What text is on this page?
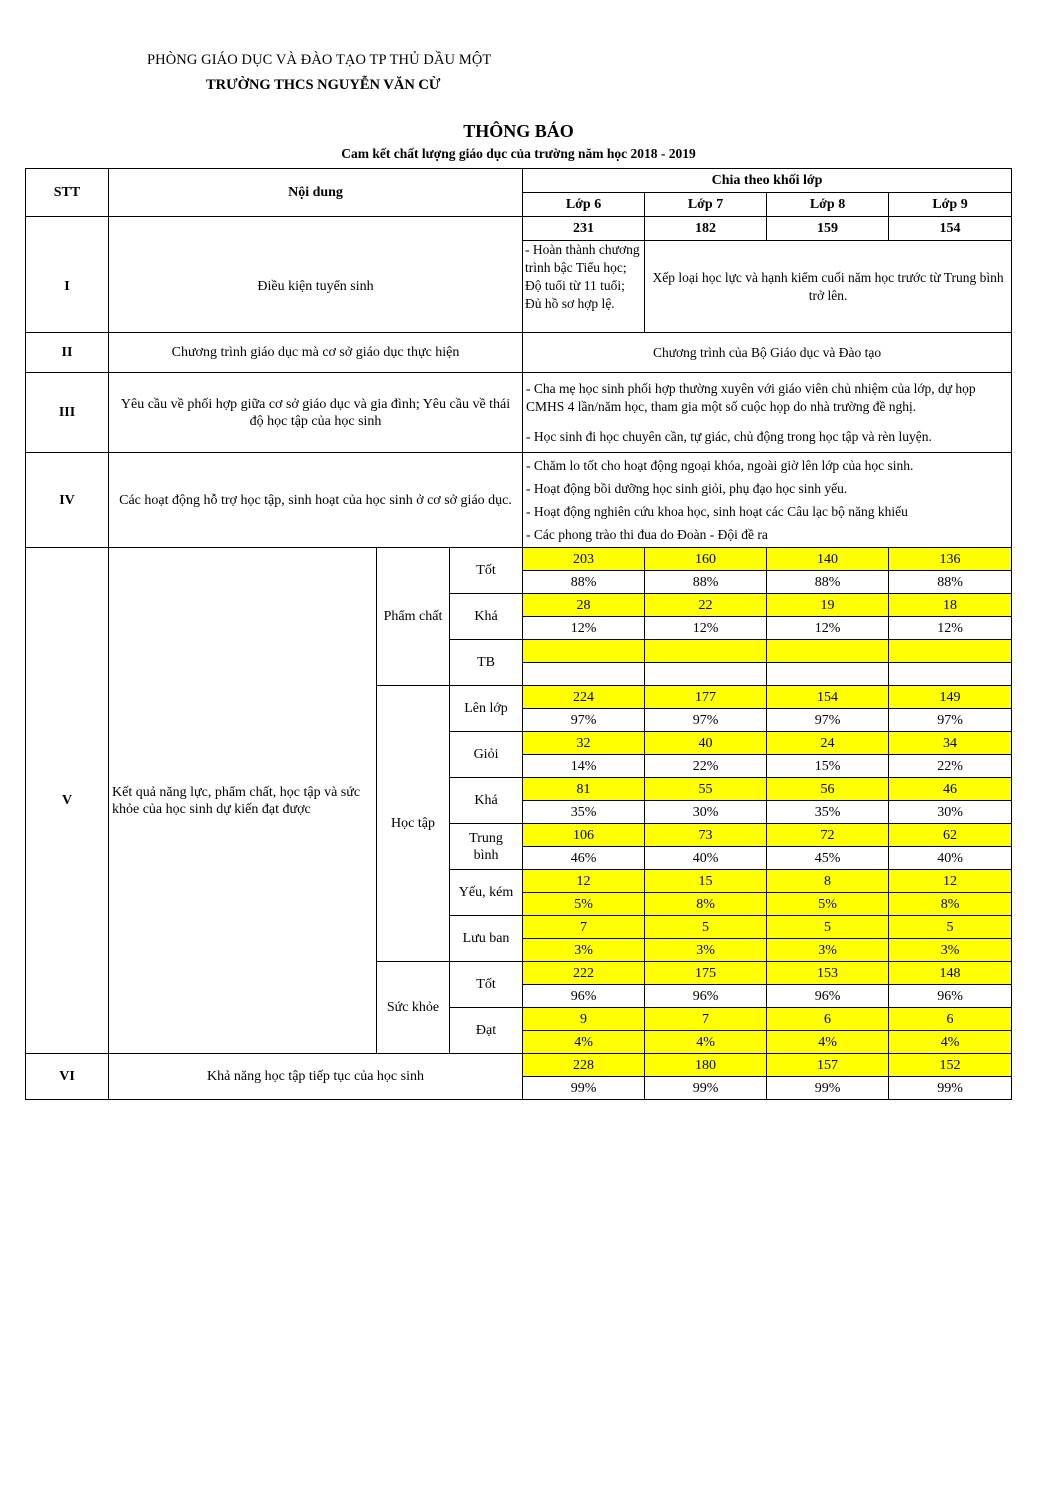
PHÒNG GIÁO DỤC VÀ ĐÀO TẠO TP THỦ DẦU MỘT
TRƯỜNG THCS NGUYỄN VĂN CỪ
THÔNG BÁO
Cam kết chất lượng giáo dục của trường năm học 2018 - 2019
STT	Nội dung			Chia theo khối lớp			
				Lớp 6	Lớp 7	Lớp 8	Lớp 9
				231	182	159	154
I	Điều kiện tuyển sinh			- Hoàn thành chương trình bậc Tiểu học; Độ tuổi từ 11 tuổi; Đủ hồ sơ hợp lệ.	Xếp loại học lực và hạnh kiểm cuối năm học trước từ Trung bình trở lên.		
II	Chương trình giáo dục mà cơ sở giáo dục thực hiện			Chương trình của Bộ Giáo dục và Đào tạo			
III	Yêu cầu về phối hợp giữa cơ sở giáo dục và gia đình; Yêu cầu về thái độ học tập của học sinh			- Cha mẹ học sinh phối hợp thường xuyên với giáo viên chủ nhiệm của lớp, dự họp CMHS 4 lần/năm học, tham gia một số cuộc họp do nhà trường đề nghị.
- Học sinh đi học chuyên cần, tự giác, chủ động trong học tập và rèn luyện.			

IV	Các hoạt động hỗ trợ học tập, sinh hoạt của học sinh ở cơ sở giáo dục.			- Chăm lo tốt cho hoạt động ngoại khóa, ngoài giờ lên lớp của học sinh.
- Hoạt động bồi dưỡng học sinh giỏi, phụ đạo học sinh yếu.
- Hoạt động nghiên cứu khoa học, sinh hoạt các Câu lạc bộ năng khiếu
- Các phong trào thi đua do Đoàn - Đội đề ra			

V	Kết quả năng lực, phẩm chất, học tập và sức khỏe của học sinh dự kiến đạt được	Phẩm chất	Tốt	203	160	140	136
				88%	88%	88%	88%
			Khá	28	22	19	18
				12%	12%	12%	12%
			TB				

		Học tập	Lên lớp	224	177	154	149
				97%	97%	97%	97%
			Giỏi	32	40	24	34
				14%	22%	15%	22%
			Khá	81	55	56	46
				35%	30%	35%	30%
			Trung bình	106	73	72	62
				46%	40%	45%	40%
			Yếu, kém	12	15	8	12
				5%	8%	5%	8%
			Lưu ban	7	5	5	5
				3%	3%	3%	3%
		Sức khỏe	Tốt	222	175	153	148
				96%	96%	96%	96%
			Đạt	9	7	6	6
				4%	4%	4%	4%
VI	Khả năng học tập tiếp tục của học sinh			228	180	157	152
				99%	99%	99%	99%
